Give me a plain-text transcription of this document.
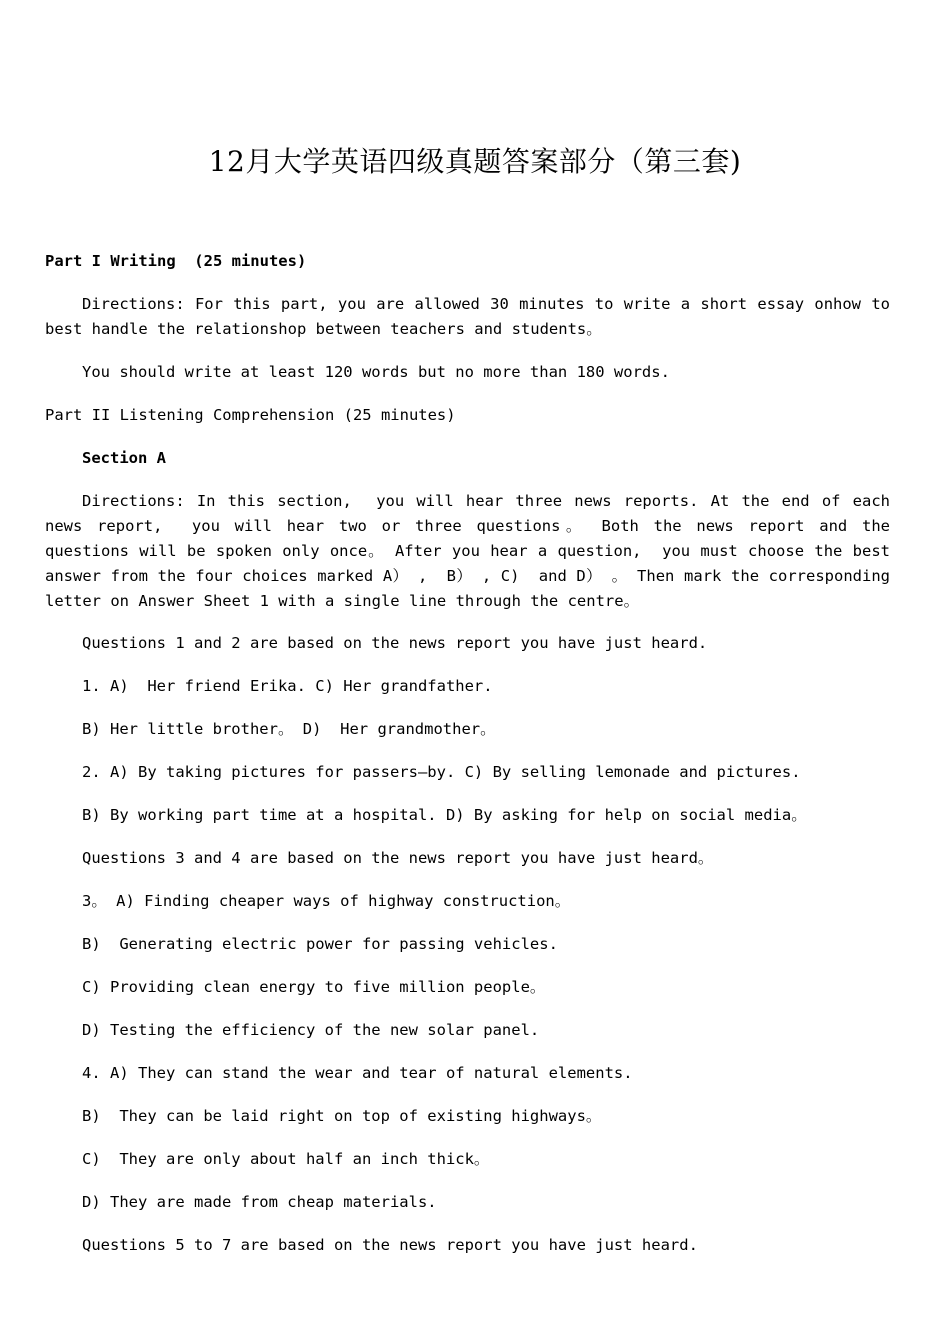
12月大学英语四级真题答案部分（第三套)
Part I Writing  (25 minutes)
Directions: For this part, you are allowed 30 minutes to write a short essay onhow to best handle the relationshop between teachers and students。
You should write at least 120 words but no more than 180 words.
Part II Listening Comprehension (25 minutes)
Section A
Directions: In this section,  you will hear three news reports. At the end of each news report,  you will hear two or three questions。 Both the news report and the questions will be spoken only once。 After you hear a question,  you must choose the best answer from the four choices marked A） ,  B） , C)  and D） 。 Then mark the corresponding letter on Answer Sheet 1 with a single line through the centre。
Questions 1 and 2 are based on the news report you have just heard.
1. A)  Her friend Erika. C) Her grandfather.
B) Her little brother。 D)  Her grandmother。
2. A) By taking pictures for passers—by. C) By selling lemonade and pictures.
B) By working part time at a hospital. D) By asking for help on social media。
Questions 3 and 4 are based on the news report you have just heard。
3。 A) Finding cheaper ways of highway construction。
B)  Generating electric power for passing vehicles.
C) Providing clean energy to five million people。
D) Testing the efficiency of the new solar panel.
4. A) They can stand the wear and tear of natural elements.
B)  They can be laid right on top of existing highways。
C)  They are only about half an inch thick。
D) They are made from cheap materials.
Questions 5 to 7 are based on the news report you have just heard.
